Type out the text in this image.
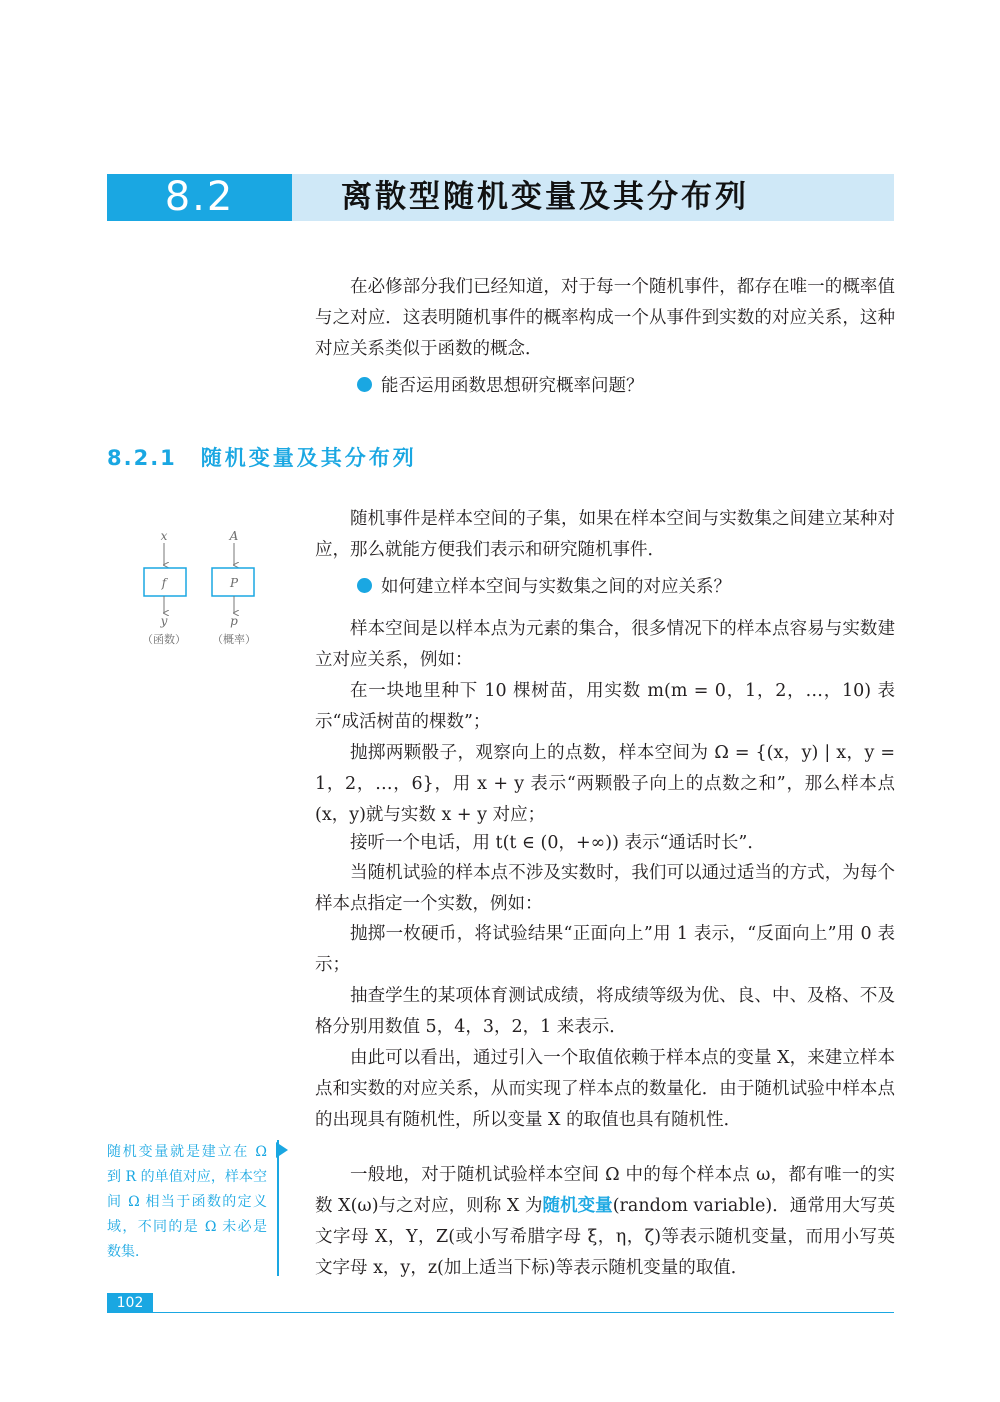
8.2	离散型随机变量及其分布列

在必修部分我们已经知道，对于每一个随机事件，都存在唯一的概率值与之对应．这表明随机事件的概率构成一个从事件到实数的对应关系，这种对应关系类似于函数的概念．

能否运用函数思想研究概率问题？
8.2.1 随机变量及其分布列
x
f
y
（函数）
A
P
p
（概率）

随机事件是样本空间的子集，如果在样本空间与实数集之间建立某种对应，那么就能方便我们表示和研究随机事件．

如何建立样本空间与实数集之间的对应关系？

样本空间是以样本点为元素的集合，很多情况下的样本点容易与实数建立对应关系，例如：

在一块地里种下 10 棵树苗，用实数 m(m = 0，1，2，…，10) 表示“成活树苗的棵数”；

抛掷两颗骰子，观察向上的点数，样本空间为 Ω = {(x，y) | x，y = 1，2，…，6}，用 x + y 表示“两颗骰子向上的点数之和”，那么样本点(x，y)就与实数 x + y 对应；

接听一个电话，用 t(t ∈ (0，+∞)) 表示“通话时长”．

当随机试验的样本点不涉及实数时，我们可以通过适当的方式，为每个样本点指定一个实数，例如：

抛掷一枚硬币，将试验结果“正面向上”用 1 表示，“反面向上”用 0 表示；

抽查学生的某项体育测试成绩，将成绩等级为优、良、中、及格、不及格分别用数值 5，4，3，2，1 来表示．

由此可以看出，通过引入一个取值依赖于样本点的变量 X，来建立样本点和实数的对应关系，从而实现了样本点的数量化．由于随机试验中样本点的出现具有随机性，所以变量 X 的取值也具有随机性．

一般地，对于随机试验样本空间 Ω 中的每个样本点 ω，都有唯一的实数 X(ω)与之对应，则称 X 为随机变量(random variable)．通常用大写英文字母 X，Y，Z(或小写希腊字母 ξ，η，ζ)等表示随机变量，而用小写英文字母 x，y，z(加上适当下标)等表示随机变量的取值．

随机变量就是建立在 Ω 到 R 的单值对应，样本空间 Ω 相当于函数的定义域，不同的是 Ω 未必是数集．
102
